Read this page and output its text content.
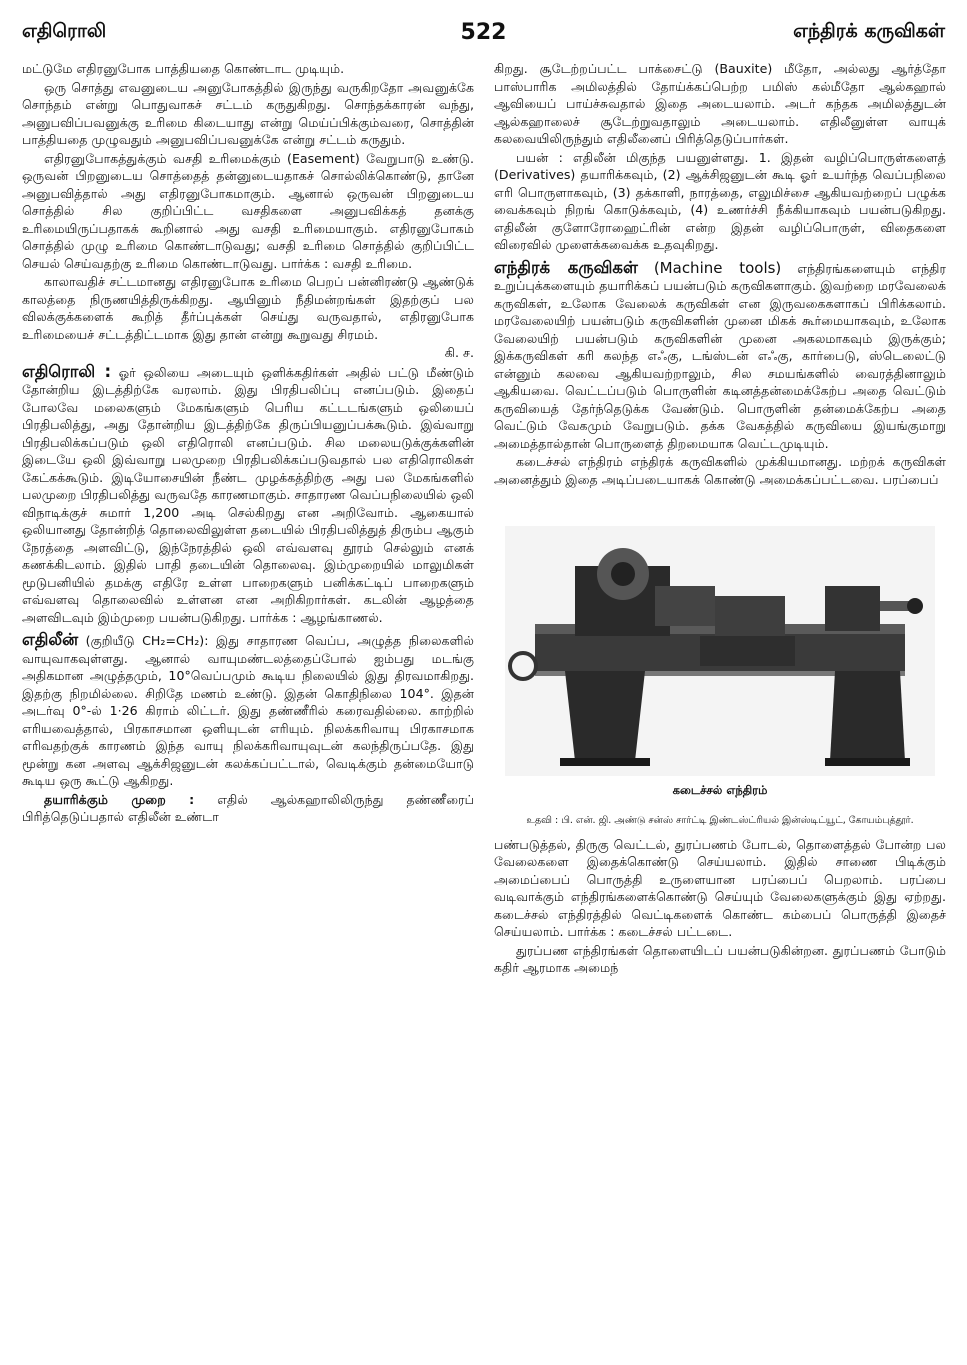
எதிரொலி	522	எந்திரக் கருவிகள்

மட்டுமே எதிரனுபோக பாத்தியதை கொண்டாட முடியும்.

ஒரு சொத்து எவனுடைய அனுபோகத்தில் இருந்து வருகிறதோ அவனுக்கே சொந்தம் என்று பொதுவாகச் சட்டம் கருதுகிறது. சொந்தக்காரன் வந்து, அனுபவிப்பவனுக்கு உரிமை கிடையாது என்று மெய்ப்பிக்கும்வரை, சொத்தின் பாத்தியதை முழுவதும் அனுபவிப்பவனுக்கே என்று சட்டம் கருதும்.

எதிரனுபோகத்துக்கும் வசதி உரிமைக்கும் (Easement) வேறுபாடு உண்டு. ஒருவன் பிறனுடைய சொத்தைத் தன்னுடையதாகச் சொல்லிக்கொண்டு, தானே அனுபவித்தால் அது எதிரனுபோகமாகும். ஆனால் ஒருவன் பிறனுடைய சொத்தில் சில குறிப்பிட்ட வசதிகளை அனுபவிக்கத் தனக்கு உரிமையிருப்பதாகக் கூறினால் அது வசதி உரிமையாகும். எதிரனுபோகம் சொத்தில் முழு உரிமை கொண்டாடுவது; வசதி உரிமை சொத்தில் குறிப்பிட்ட செயல் செய்வதற்கு உரிமை கொண்டாடுவது. பார்க்க : வசதி உரிமை.

காலாவதிச் சட்டமானது எதிரனுபோக உரிமை பெறப் பன்னிரண்டு ஆண்டுக் காலத்தை நிருணயித்திருக்கிறது. ஆயினும் நீதிமன்றங்கள் இதற்குப் பல விலக்குக்களைக் கூறித் தீர்ப்புக்கள் செய்து வருவதால், எதிரனுபோக உரிமையைச் சட்டத்திட்டமாக இது தான் என்று கூறுவது சிரமம்.

கி. ச.

எதிரொலி : ஓர் ஒலியை அடையும் ஒளிக்கதிர்கள் அதில் பட்டு மீண்டும் தோன்றிய இடத்திற்கே வரலாம். இது பிரதிபலிப்பு எனப்படும். இதைப் போலவே மலைகளும் மேகங்களும் பெரிய கட்டடங்களும் ஒலியைப் பிரதிபலித்து, அது தோன்றிய இடத்திற்கே திருப்பியனுப்பக்கூடும். இவ்வாறு பிரதிபலிக்கப்படும் ஒலி எதிரொலி எனப்படும். சில மலையடுக்குக்களின் இடையே ஒலி இவ்வாறு பலமுறை பிரதிபலிக்கப்படுவதால் பல எதிரொலிகள் கேட்கக்கூடும். இடியோசையின் நீண்ட முழக்கத்திற்கு அது பல மேகங்களில் பலமுறை பிரதிபலித்து வருவதே காரணமாகும். சாதாரண வெப்பநிலையில் ஒலி விநாடிக்குச் சுமார் 1,200 அடி செல்கிறது என அறிவோம். ஆகையால் ஒலியானது தோன்றித் தொலைவிலுள்ள தடையில் பிரதிபலித்துத் திரும்ப ஆகும் நேரத்தை அளவிட்டு, இந்நேரத்தில் ஒலி எவ்வளவு தூரம் செல்லும் எனக் கணக்கிடலாம். இதில் பாதி தடையின் தொலைவு. இம்முறையில் மாலுமிகள் மூடுபனியில் தமக்கு எதிரே உள்ள பாறைகளும் பனிக்கட்டிப் பாறைகளும் எவ்வளவு தொலைவில் உள்ளன என அறிகிறார்கள். கடலின் ஆழத்தை அளவிடவும் இம்முறை பயன்படுகிறது. பார்க்க : ஆழங்காணல்.

எதிலீன் (குறியீடு CH₂=CH₂): இது சாதாரண வெப்ப, அழுத்த நிலைகளில் வாயுவாகவுள்ளது. ஆனால் வாயுமண்டலத்தைப்போல் ஐம்பது மடங்கு அதிகமான அழுத்தமும், 10°வெப்பமும் கூடிய நிலையில் இது திரவமாகிறது. இதற்கு நிறமில்லை. சிறிதே மணம் உண்டு. இதன் கொதிநிலை 104°. இதன் அடர்வு 0°-ல் 1·26 கிராம் லிட்டர். இது தண்ணீரில் கரைவதில்லை. காற்றில் எரியவைத்தால், பிரகாசமான ஒளியுடன் எரியும். நிலக்கரிவாயு பிரகாசமாக எரிவதற்குக் காரணம் இந்த வாயு நிலக்கரிவாயுவுடன் கலந்திருப்பதே. இது மூன்று கன அளவு ஆக்சிஜனுடன் கலக்கப்பட்டால், வெடிக்கும் தன்மையோடு கூடிய ஒரு கூட்டு ஆகிறது.

தயாரிக்கும் முறை : எதில் ஆல்கஹாலிலிருந்து தண்ணீரைப் பிரித்தெடுப்பதால் எதிலீன் உண்டா

கிறது. சூடேற்றப்பட்ட பாக்சைட்டு (Bauxite) மீதோ, அல்லது ஆர்த்தோ பாஸ்பாரிக அமிலத்தில் தோய்க்கப்பெற்ற பமிஸ் கல்மீதோ ஆல்கஹால் ஆவியைப் பாய்ச்சுவதால் இதை அடையலாம். அடர் கந்தக அமிலத்துடன் ஆல்கஹாலைச் சூடேற்றுவதாலும் அடையலாம். எதிலீனுள்ள வாயுக் கலவையிலிருந்தும் எதிலீனைப் பிரித்தெடுப்பார்கள்.

பயன் : எதிலீன் மிகுந்த பயனுள்ளது. 1. இதன் வழிப்பொருள்களைத் (Derivatives) தயாரிக்கவும், (2) ஆக்சிஜனுடன் கூடி ஓர் உயர்ந்த வெப்பநிலை எரி பொருளாகவும், (3) தக்காளி, நாரத்தை, எலுமிச்சை ஆகியவற்றைப் பழுக்க வைக்கவும் நிறங் கொடுக்கவும், (4) உணர்ச்சி நீக்கியாகவும் பயன்படுகிறது. எதிலீன் குளோரோஹைட்ரின் என்ற இதன் வழிப்பொருள், விதைகளை விரைவில் முளைக்கவைக்க உதவுகிறது.

எந்திரக் கருவிகள் (Machine tools) எந்திரங்களையும் எந்திர உறுப்புக்களையும் தயாரிக்கப் பயன்படும் கருவிகளாகும். இவற்றை மரவேலைக் கருவிகள், உலோக வேலைக் கருவிகள் என இருவகைகளாகப் பிரிக்கலாம். மரவேலையிற் பயன்படும் கருவிகளின் முனை மிகக் கூர்மையாகவும், உலோக வேலையிற் பயன்படும் கருவிகளின் முனை அகலமாகவும் இருக்கும்; இக்கருவிகள் கரி கலந்த எஃகு, டங்ஸ்டன் எஃகு, கார்பைடு, ஸ்டெலைட்டு என்னும் கலவை ஆகியவற்றாலும், சில சமயங்களில் வைரத்தினாலும் ஆகியவை. வெட்டப்படும் பொருளின் கடினத்தன்மைக்கேற்ப அதை வெட்டும் கருவியைத் தேர்ந்தெடுக்க வேண்டும். பொருளின் தன்மைக்கேற்ப அதை வெட்டும் வேகமும் வேறுபடும். தக்க வேகத்தில் கருவியை இயங்குமாறு அமைத்தால்தான் பொருளைத் திறமையாக வெட்டமுடியும்.

கடைச்சல் எந்திரம் எந்திரக் கருவிகளில் முக்கியமானது. மற்றக் கருவிகள் அனைத்தும் இதை அடிப்படையாகக் கொண்டு அமைக்கப்பட்டவை. பரப்பைப்

கடைச்சல் எந்திரம்
உதவி : பி. என். ஜி. அண்டு சன்ஸ் சார்ட்டி இண்டஸ்ட்ரியல் இன்ஸ்டிட்யூட், கோயம்புத்தூர்.

பண்படுத்தல், திருகு வெட்டல், துரப்பணம் போடல், தொளைத்தல் போன்ற பல வேலைகளை இதைக்கொண்டு செய்யலாம். இதில் சாணை பிடிக்கும் அமைப்பைப் பொருத்தி உருளையான பரப்பைப் பெறலாம். பரப்பை வடிவாக்கும் எந்திரங்களைக்கொண்டு செய்யும் வேலைகளுக்கும் இது ஏற்றது. கடைச்சல் எந்திரத்தில் வெட்டிகளைக் கொண்ட கம்பைப் பொருத்தி இதைச் செய்யலாம். பார்க்க : கடைச்சல் பட்டடை.

துரப்பண எந்திரங்கள் தொளையிடப் பயன்படுகின்றன. துரப்பணம் போடும் கதிர் ஆரமாக அமைந்
